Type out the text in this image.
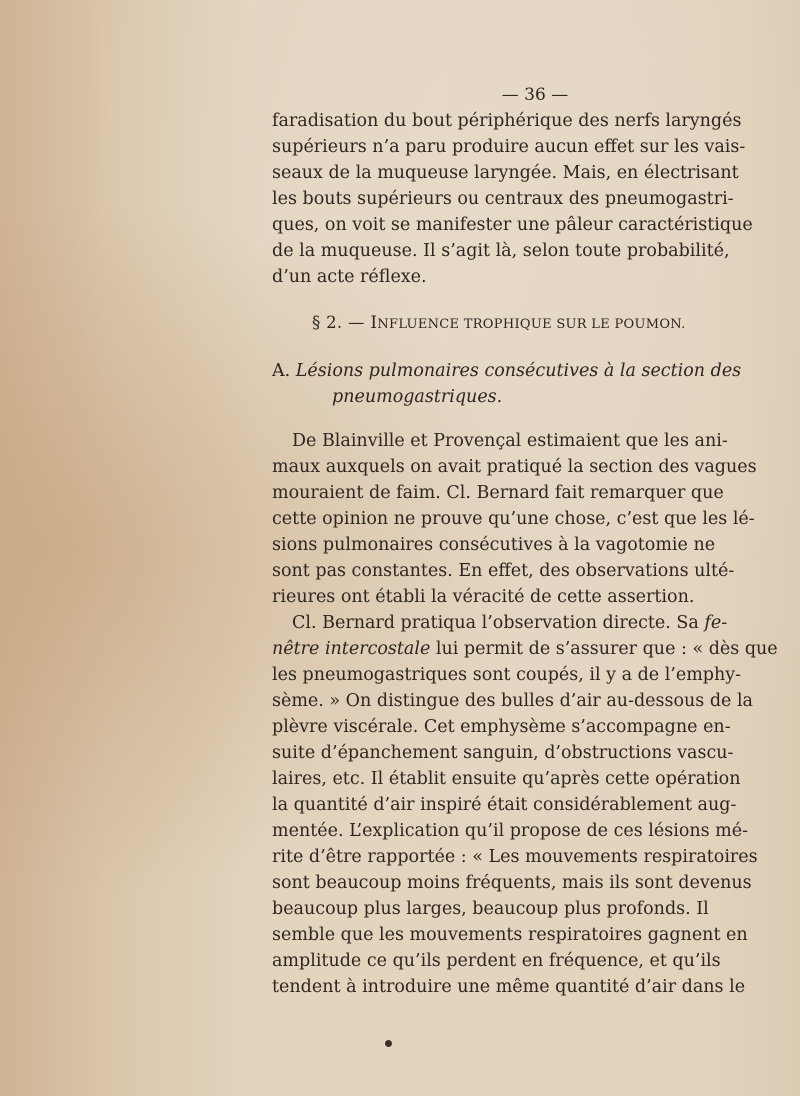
— 36 —
faradisation du bout périphérique des nerfs laryngés
supérieurs n’a paru produire aucun effet sur les vais-
seaux de la muqueuse laryngée. Mais, en électrisant
les bouts supérieurs ou centraux des pneumogastri-
ques, on voit se manifester une pâleur caractéristique
de la muqueuse. Il s’agit là, selon toute probabilité,
d’un acte réflexe.
§ 2. — INFLUENCE TROPHIQUE SUR LE POUMON.
A. Lésions pulmonaires consécutives à la section des
pneumogastriques.
De Blainville et Provençal estimaient que les ani-
maux auxquels on avait pratiqué la section des vagues
mouraient de faim. Cl. Bernard fait remarquer que
cette opinion ne prouve qu’une chose, c’est que les lé-
sions pulmonaires consécutives à la vagotomie ne
sont pas constantes. En effet, des observations ulté-
rieures ont établi la véracité de cette assertion.
Cl. Bernard pratiqua l’observation directe. Sa fe-
nêtre intercostale lui permit de s’assurer que : « dès que
les pneumogastriques sont coupés, il y a de l’emphy-
sème. » On distingue des bulles d’air au-dessous de la
plèvre viscérale. Cet emphysème s’accompagne en-
suite d’épanchement sanguin, d’obstructions vascu-
laires, etc. Il établit ensuite qu’après cette opération
la quantité d’air inspiré était considérablement aug-
mentée. L’explication qu’il propose de ces lésions mé-
rite d’être rapportée : « Les mouvements respiratoires
sont beaucoup moins fréquents, mais ils sont devenus
beaucoup plus larges, beaucoup plus profonds. Il
semble que les mouvements respiratoires gagnent en
amplitude ce qu’ils perdent en fréquence, et qu’ils
tendent à introduire une même quantité d’air dans le
